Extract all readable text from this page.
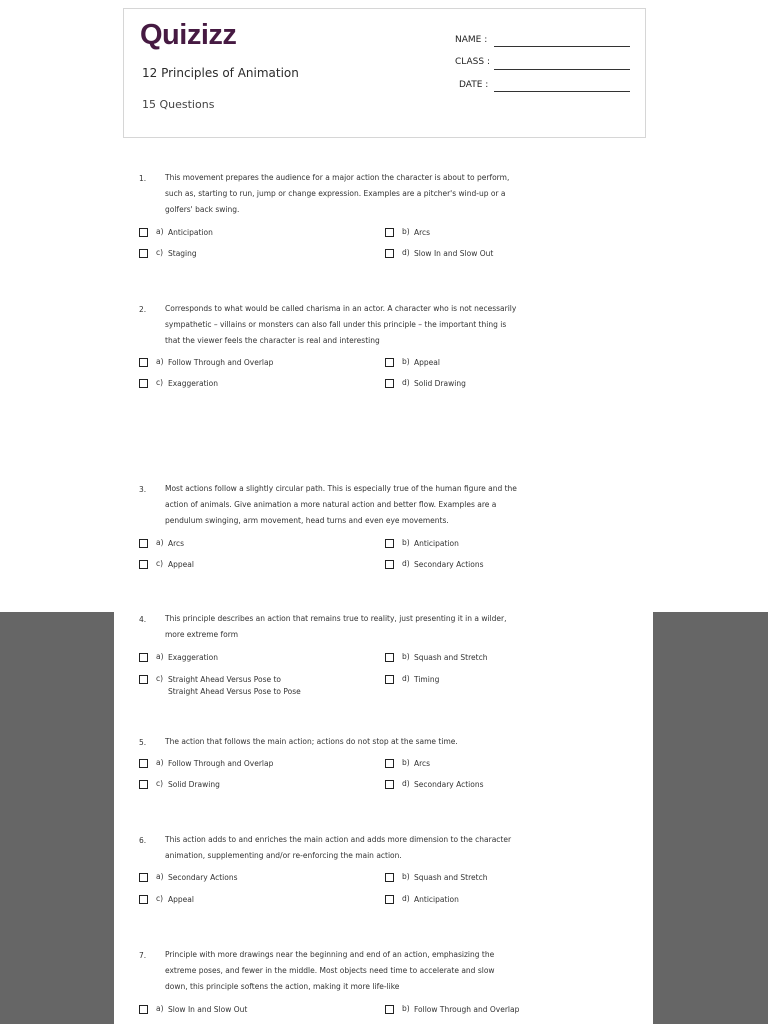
Quizizz
12 Principles of Animation
15 Questions
NAME :
CLASS :
DATE :
1.	This movement prepares the audience for a major action the character is about to perform,
such as, starting to run, jump or change expression. Examples are a pitcher's wind-up or a
golfers' back swing.
a) Anticipation	b) Arcs
c) Staging	d) Slow In and Slow Out
2.	Corresponds to what would be called charisma in an actor. A character who is not necessarily
sympathetic – villains or monsters can also fall under this principle – the important thing is
that the viewer feels the character is real and interesting
a) Follow Through and Overlap	b) Appeal
c) Exaggeration	d) Solid Drawing
3.	Most actions follow a slightly circular path. This is especially true of the human figure and the
action of animals. Give animation a more natural action and better flow. Examples are a
pendulum swinging, arm movement, head turns and even eye movements.
a) Arcs	b) Anticipation
c) Appeal	d) Secondary Actions
4.	This principle describes an action that remains true to reality, just presenting it in a wilder,
more extreme form
a) Exaggeration	b) Squash and Stretch
c) Straight Ahead Versus Pose to
Straight Ahead Versus Pose to Pose
d) Timing
5.	The action that follows the main action; actions do not stop at the same time.
a) Follow Through and Overlap	b) Arcs
c) Solid Drawing	d) Secondary Actions
6.	This action adds to and enriches the main action and adds more dimension to the character
animation, supplementing and/or re-enforcing the main action.
a) Secondary Actions	b) Squash and Stretch
c) Appeal	d) Anticipation
7.	Principle with more drawings near the beginning and end of an action, emphasizing the
extreme poses, and fewer in the middle. Most objects need time to accelerate and slow
down, this principle softens the action, making it more life-like
a) Slow In and Slow Out	b) Follow Through and Overlap
